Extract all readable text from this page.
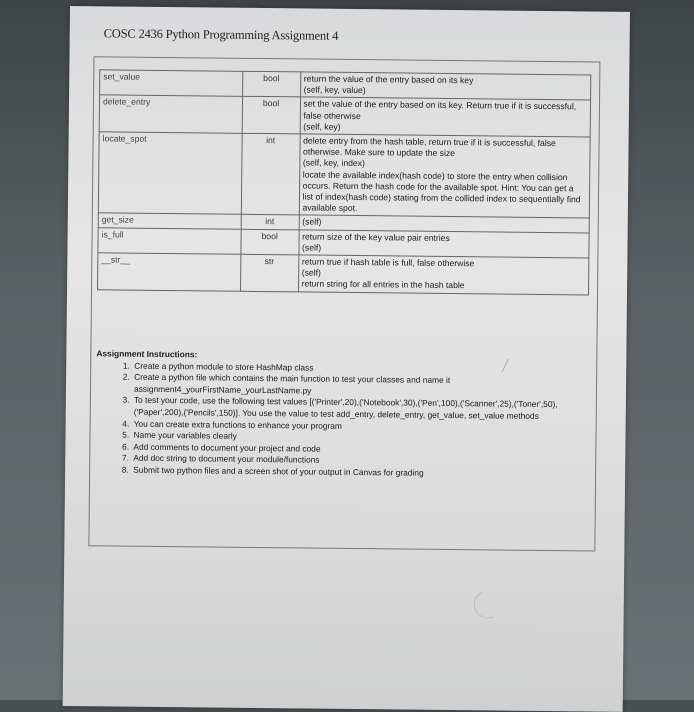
COSC 2436 Python Programming Assignment 4
set_value	bool	return the value of the entry based on its key
(self, key, value)

delete_entry	bool	set the value of the entry based on its key. Return true if it is successful, false otherwise
(self, key)

locate_spot	int	delete entry from the hash table, return true if it is successful, false otherwise. Make sure to update the size
(self, key, index)
locate the available index(hash code) to store the entry when collision occurs. Return the hash code for the available spot. Hint: You can get a list of index(hash code) stating from the collided index to sequentially find available spot.

get_size	int	(self)

is_full	bool	return size of the key value pair entries
(self)

__str__	str	return true if hash table is full, false otherwise
(self)
return string for all entries in the hash table
Assignment Instructions:
1. Create a python module to store HashMap class
2. Create a python file which contains the main function to test your classes and name it assignment4_yourFirstName_yourLastName.py
3. To test your code, use the following test values [('Printer',20),('Notebook',30),('Pen',100),('Scanner',25),('Toner',50),('Paper',200),('Pencils',150)]. You use the value to test add_entry, delete_entry, get_value, set_value methods
4. You can create extra functions to enhance your program
5. Name your variables clearly
6. Add comments to document your project and code
7. Add doc string to document your module/functions
8. Submit two python files and a screen shot of your output in Canvas for grading
